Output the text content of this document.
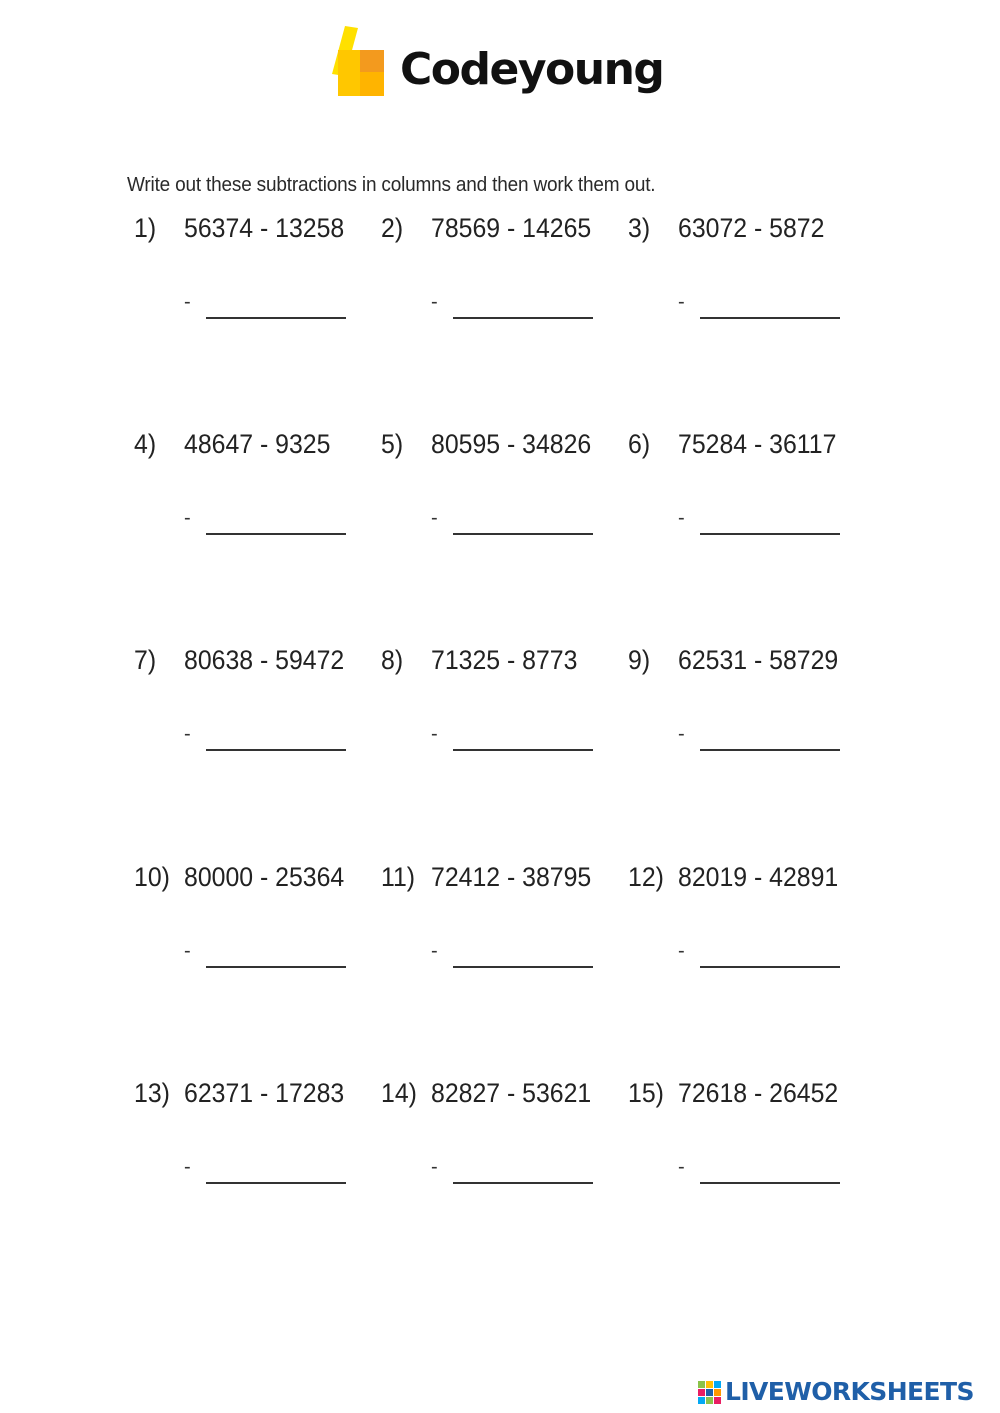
Codeyoung
Write out these subtractions in columns and then work them out.
1) 56374 - 13258
-
2) 78569 - 14265
-
3) 63072 - 5872
-
4) 48647 - 9325
-
5) 80595 - 34826
-
6) 75284 - 36117
-
7) 80638 - 59472
-
8) 71325 - 8773
-
9) 62531 - 58729
-
10) 80000 - 25364
-
11) 72412 - 38795
-
12) 82019 - 42891
-
13) 62371 - 17283
-
14) 82827 - 53621
-
15) 72618 - 26452
-
LIVEWORKSHEETS
